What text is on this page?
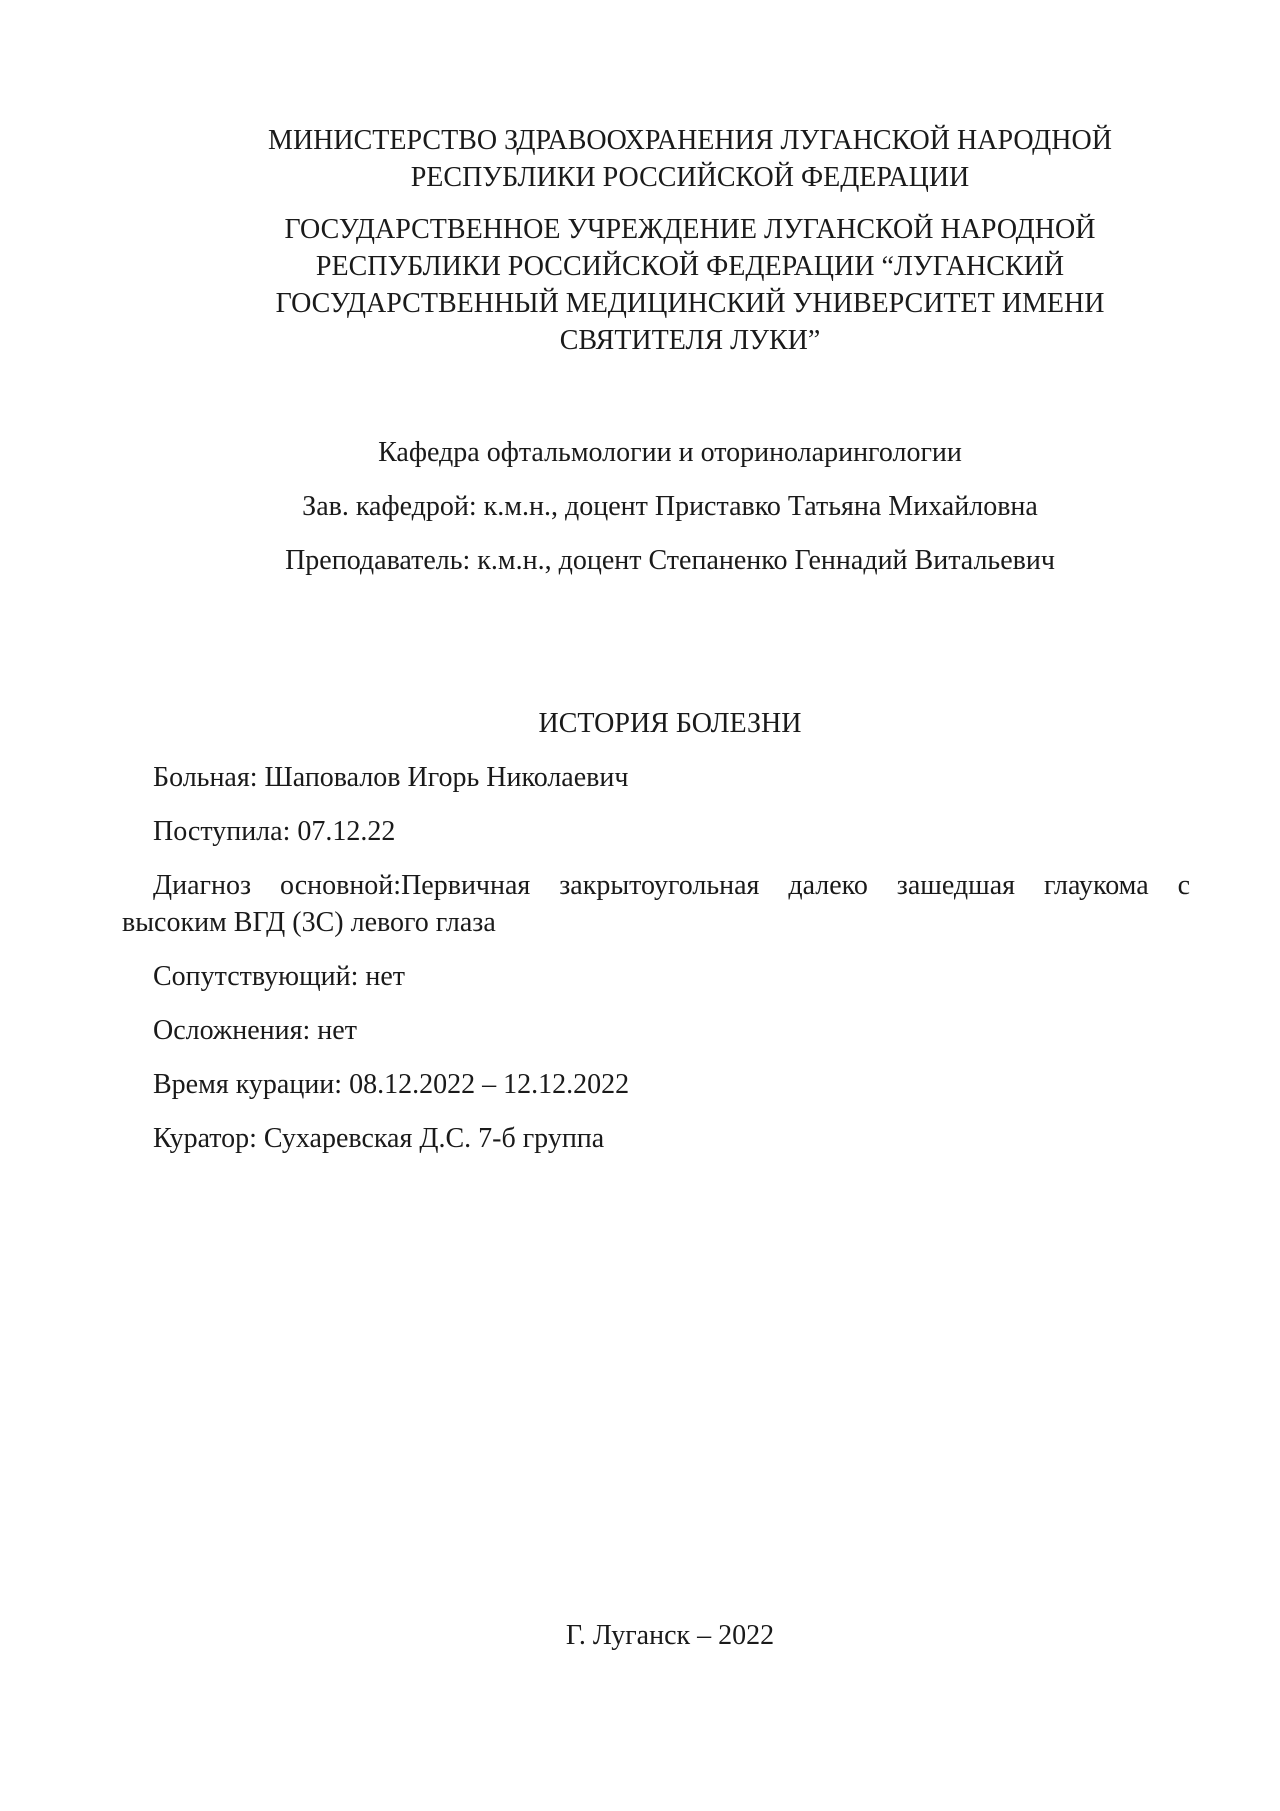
МИНИСТЕРСТВО ЗДРАВООХРАНЕНИЯ ЛУГАНСКОЙ НАРОДНОЙ
РЕСПУБЛИКИ РОССИЙСКОЙ ФЕДЕРАЦИИ
ГОСУДАРСТВЕННОЕ УЧРЕЖДЕНИЕ ЛУГАНСКОЙ НАРОДНОЙ
РЕСПУБЛИКИ РОССИЙСКОЙ ФЕДЕРАЦИИ “ЛУГАНСКИЙ
ГОСУДАРСТВЕННЫЙ МЕДИЦИНСКИЙ УНИВЕРСИТЕТ ИМЕНИ
СВЯТИТЕЛЯ ЛУКИ”
Кафедра офтальмологии и оториноларингологии
Зав. кафедрой: к.м.н., доцент Приставко Татьяна Михайловна
Преподаватель: к.м.н., доцент Степаненко Геннадий Витальевич
ИСТОРИЯ БОЛЕЗНИ
Больная: Шаповалов Игорь Николаевич
Поступила: 07.12.22
Диагноз основной:Первичная закрытоугольная далеко зашедшая глаукома с
высоким ВГД (3С) левого глаза
Сопутствующий: нет
Осложнения: нет
Время курации: 08.12.2022 – 12.12.2022
Куратор: Сухаревская Д.С. 7-б группа
Г. Луганск – 2022
